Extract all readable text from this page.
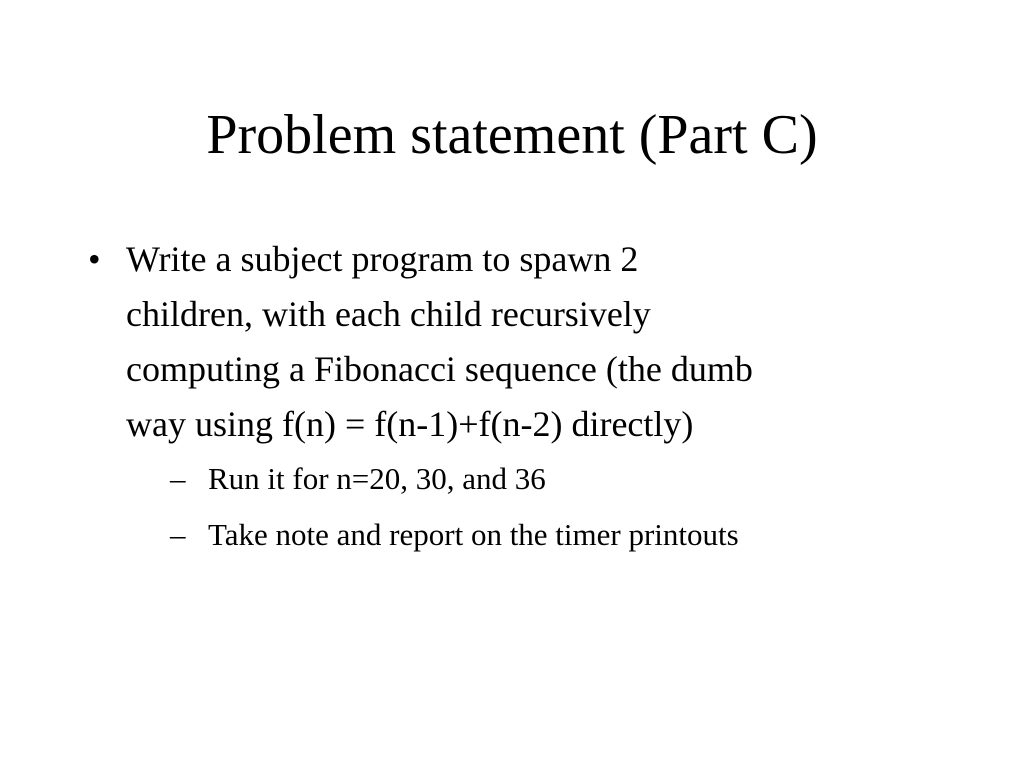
Problem statement (Part C)
• Write a subject program to spawn 2
children, with each child recursively
computing a Fibonacci sequence (the dumb
way using f(n) = f(n-1)+f(n-2) directly)
– Run it for n=20, 30, and 36
– Take note and report on the timer printouts
